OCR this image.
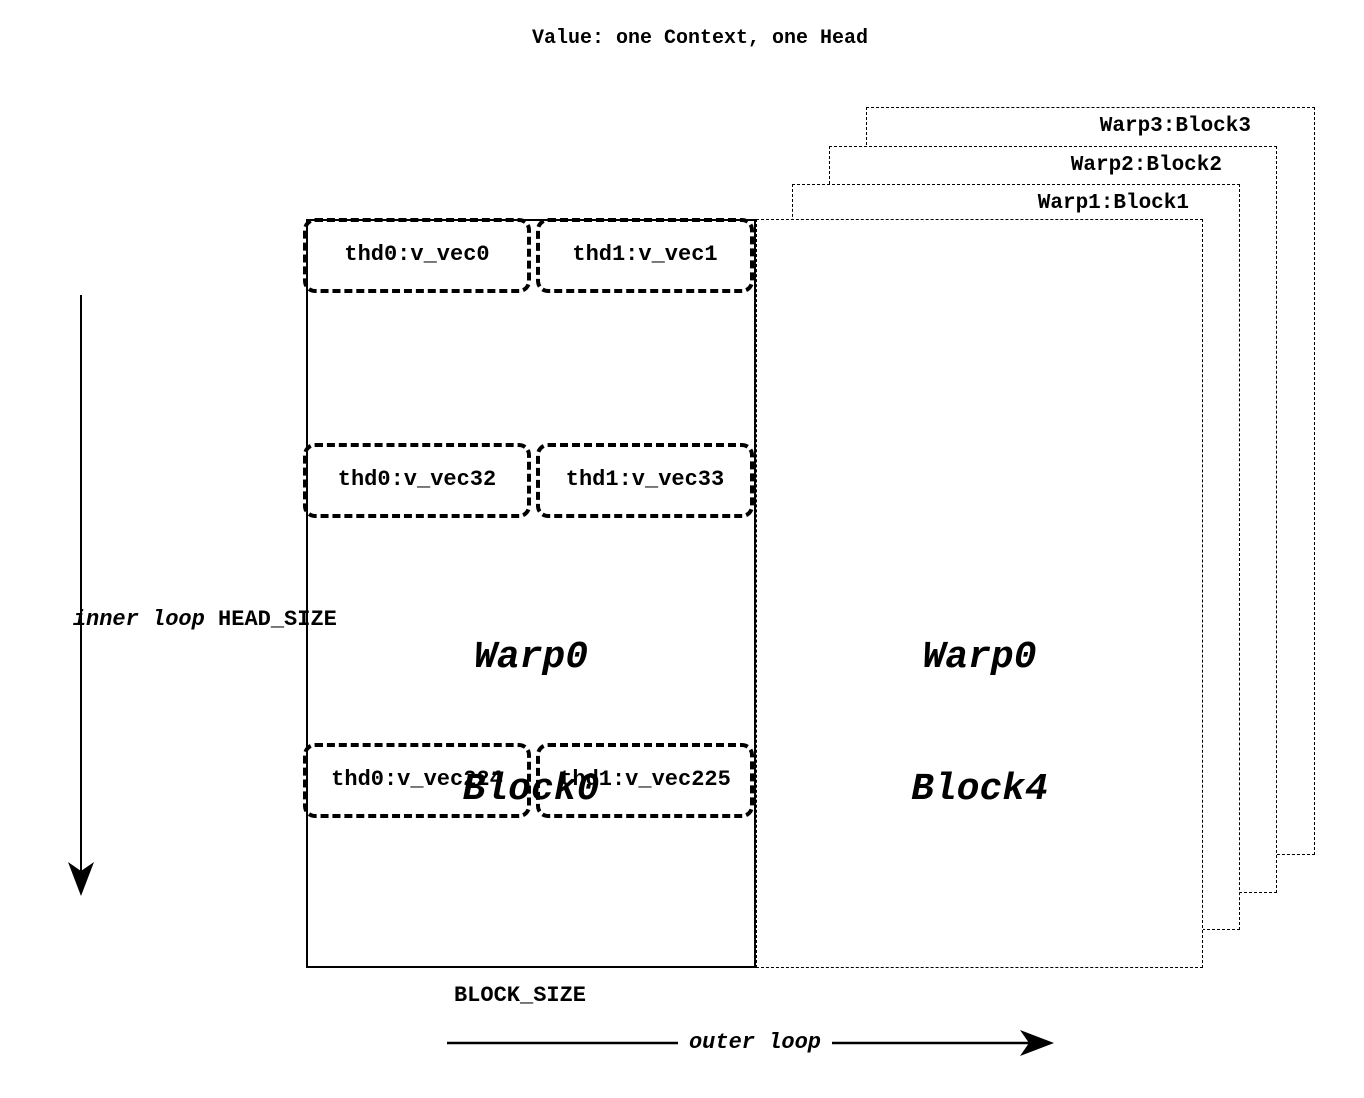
Value: one Context, one Head
Warp3:Block3
Warp2:Block2
Warp1:Block1

Warp0

Block4

Warp0

Block0

thd0:v_vec0	thd1:v_vec1
thd0:v_vec32	thd1:v_vec33
thd0:v_vec224	thd1:v_vec225

inner loop HEAD_SIZE

BLOCK_SIZE
outer loop
